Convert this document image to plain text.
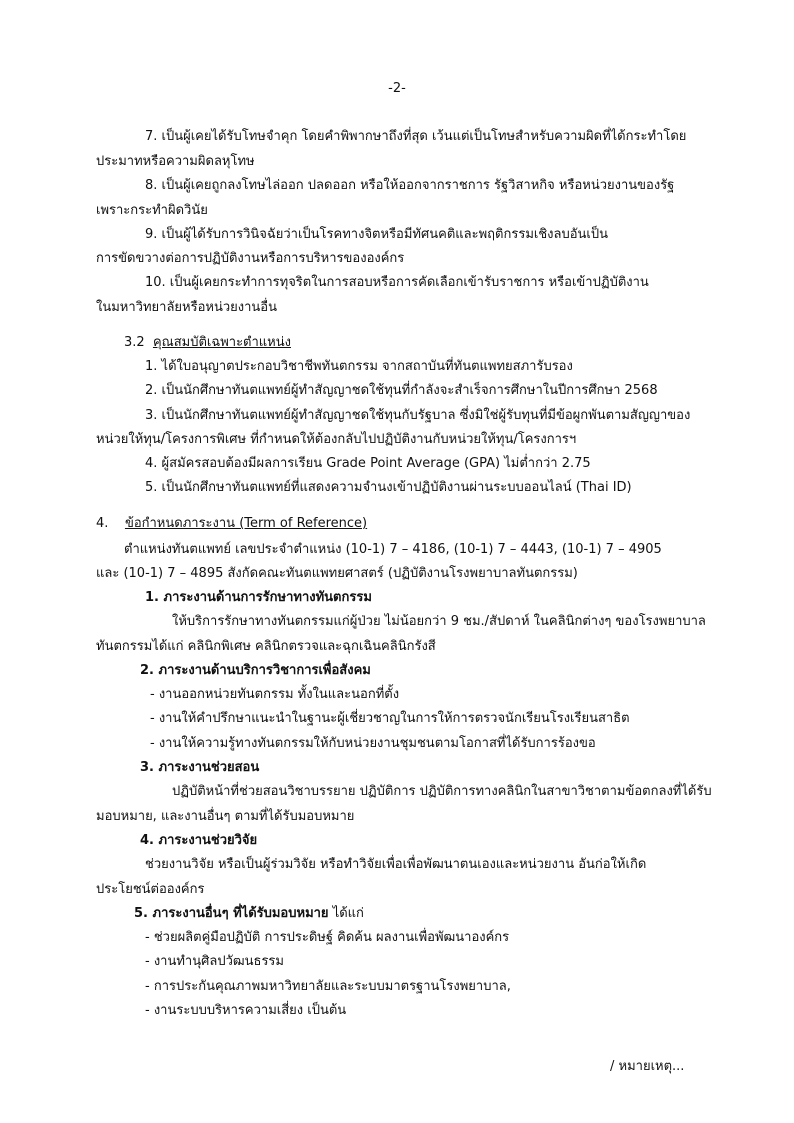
-2-
7. เป็นผู้เคยได้รับโทษจำคุก โดยคำพิพากษาถึงที่สุด เว้นแต่เป็นโทษสำหรับความผิดที่ได้กระทำโดย
ประมาทหรือความผิดลหุโทษ
8. เป็นผู้เคยถูกลงโทษไล่ออก ปลดออก หรือให้ออกจากราชการ รัฐวิสาหกิจ หรือหน่วยงานของรัฐ
เพราะกระทำผิดวินัย
9. เป็นผู้ได้รับการวินิจฉัยว่าเป็นโรคทางจิตหรือมีทัศนคติและพฤติกรรมเชิงลบอันเป็น
การขัดขวางต่อการปฏิบัติงานหรือการบริหารขององค์กร
10. เป็นผู้เคยกระทำการทุจริตในการสอบหรือการคัดเลือกเข้ารับราชการ หรือเข้าปฏิบัติงาน
ในมหาวิทยาลัยหรือหน่วยงานอื่น
3.2 คุณสมบัติเฉพาะตำแหน่ง
1. ได้ใบอนุญาตประกอบวิชาชีพทันตกรรม จากสถาบันที่ทันตแพทยสภารับรอง
2. เป็นนักศึกษาทันตแพทย์ผู้ทำสัญญาชดใช้ทุนที่กำลังจะสำเร็จการศึกษาในปีการศึกษา 2568
3. เป็นนักศึกษาทันตแพทย์ผู้ทำสัญญาชดใช้ทุนกับรัฐบาล ซึ่งมิใช่ผู้รับทุนที่มีข้อผูกพันตามสัญญาของ
หน่วยให้ทุน/โครงการพิเศษ ที่กำหนดให้ต้องกลับไปปฏิบัติงานกับหน่วยให้ทุน/โครงการฯ
4. ผู้สมัครสอบต้องมีผลการเรียน Grade Point Average (GPA) ไม่ต่ำกว่า 2.75
5. เป็นนักศึกษาทันตแพทย์ที่แสดงความจำนงเข้าปฏิบัติงานผ่านระบบออนไลน์ (Thai ID)
4. ข้อกำหนดภาระงาน (Term of Reference)
ตำแหน่งทันตแพทย์ เลขประจำตำแหน่ง (10-1) 7 – 4186, (10-1) 7 – 4443, (10-1) 7 – 4905
และ (10-1) 7 – 4895 สังกัดคณะทันตแพทยศาสตร์ (ปฏิบัติงานโรงพยาบาลทันตกรรม)
1. ภาระงานด้านการรักษาทางทันตกรรม
ให้บริการรักษาทางทันตกรรมแก่ผู้ป่วย ไม่น้อยกว่า 9 ชม./สัปดาห์ ในคลินิกต่างๆ ของโรงพยาบาล
ทันตกรรมได้แก่ คลินิกพิเศษ คลินิกตรวจและฉุกเฉินคลินิกรังสี
2. ภาระงานด้านบริการวิชาการเพื่อสังคม
- งานออกหน่วยทันตกรรม ทั้งในและนอกที่ตั้ง
- งานให้คำปรึกษาแนะนำในฐานะผู้เชี่ยวชาญในการให้การตรวจนักเรียนโรงเรียนสาธิต
- งานให้ความรู้ทางทันตกรรมให้กับหน่วยงานชุมชนตามโอกาสที่ได้รับการร้องขอ
3. ภาระงานช่วยสอน
ปฏิบัติหน้าที่ช่วยสอนวิชาบรรยาย ปฏิบัติการ ปฏิบัติการทางคลินิกในสาขาวิชาตามข้อตกลงที่ได้รับ
มอบหมาย, และงานอื่นๆ ตามที่ได้รับมอบหมาย
4. ภาระงานช่วยวิจัย
ช่วยงานวิจัย หรือเป็นผู้ร่วมวิจัย หรือทำวิจัยเพื่อเพื่อพัฒนาตนเองและหน่วยงาน อันก่อให้เกิด
ประโยชน์ต่อองค์กร
5. ภาระงานอื่นๆ ที่ได้รับมอบหมาย ได้แก่
- ช่วยผลิตคู่มือปฏิบัติ การประดิษฐ์ คิดค้น ผลงานเพื่อพัฒนาองค์กร
- งานทำนุศิลปวัฒนธรรม
- การประกันคุณภาพมหาวิทยาลัยและระบบมาตรฐานโรงพยาบาล,
- งานระบบบริหารความเสี่ยง เป็นต้น
/ หมายเหตุ...
